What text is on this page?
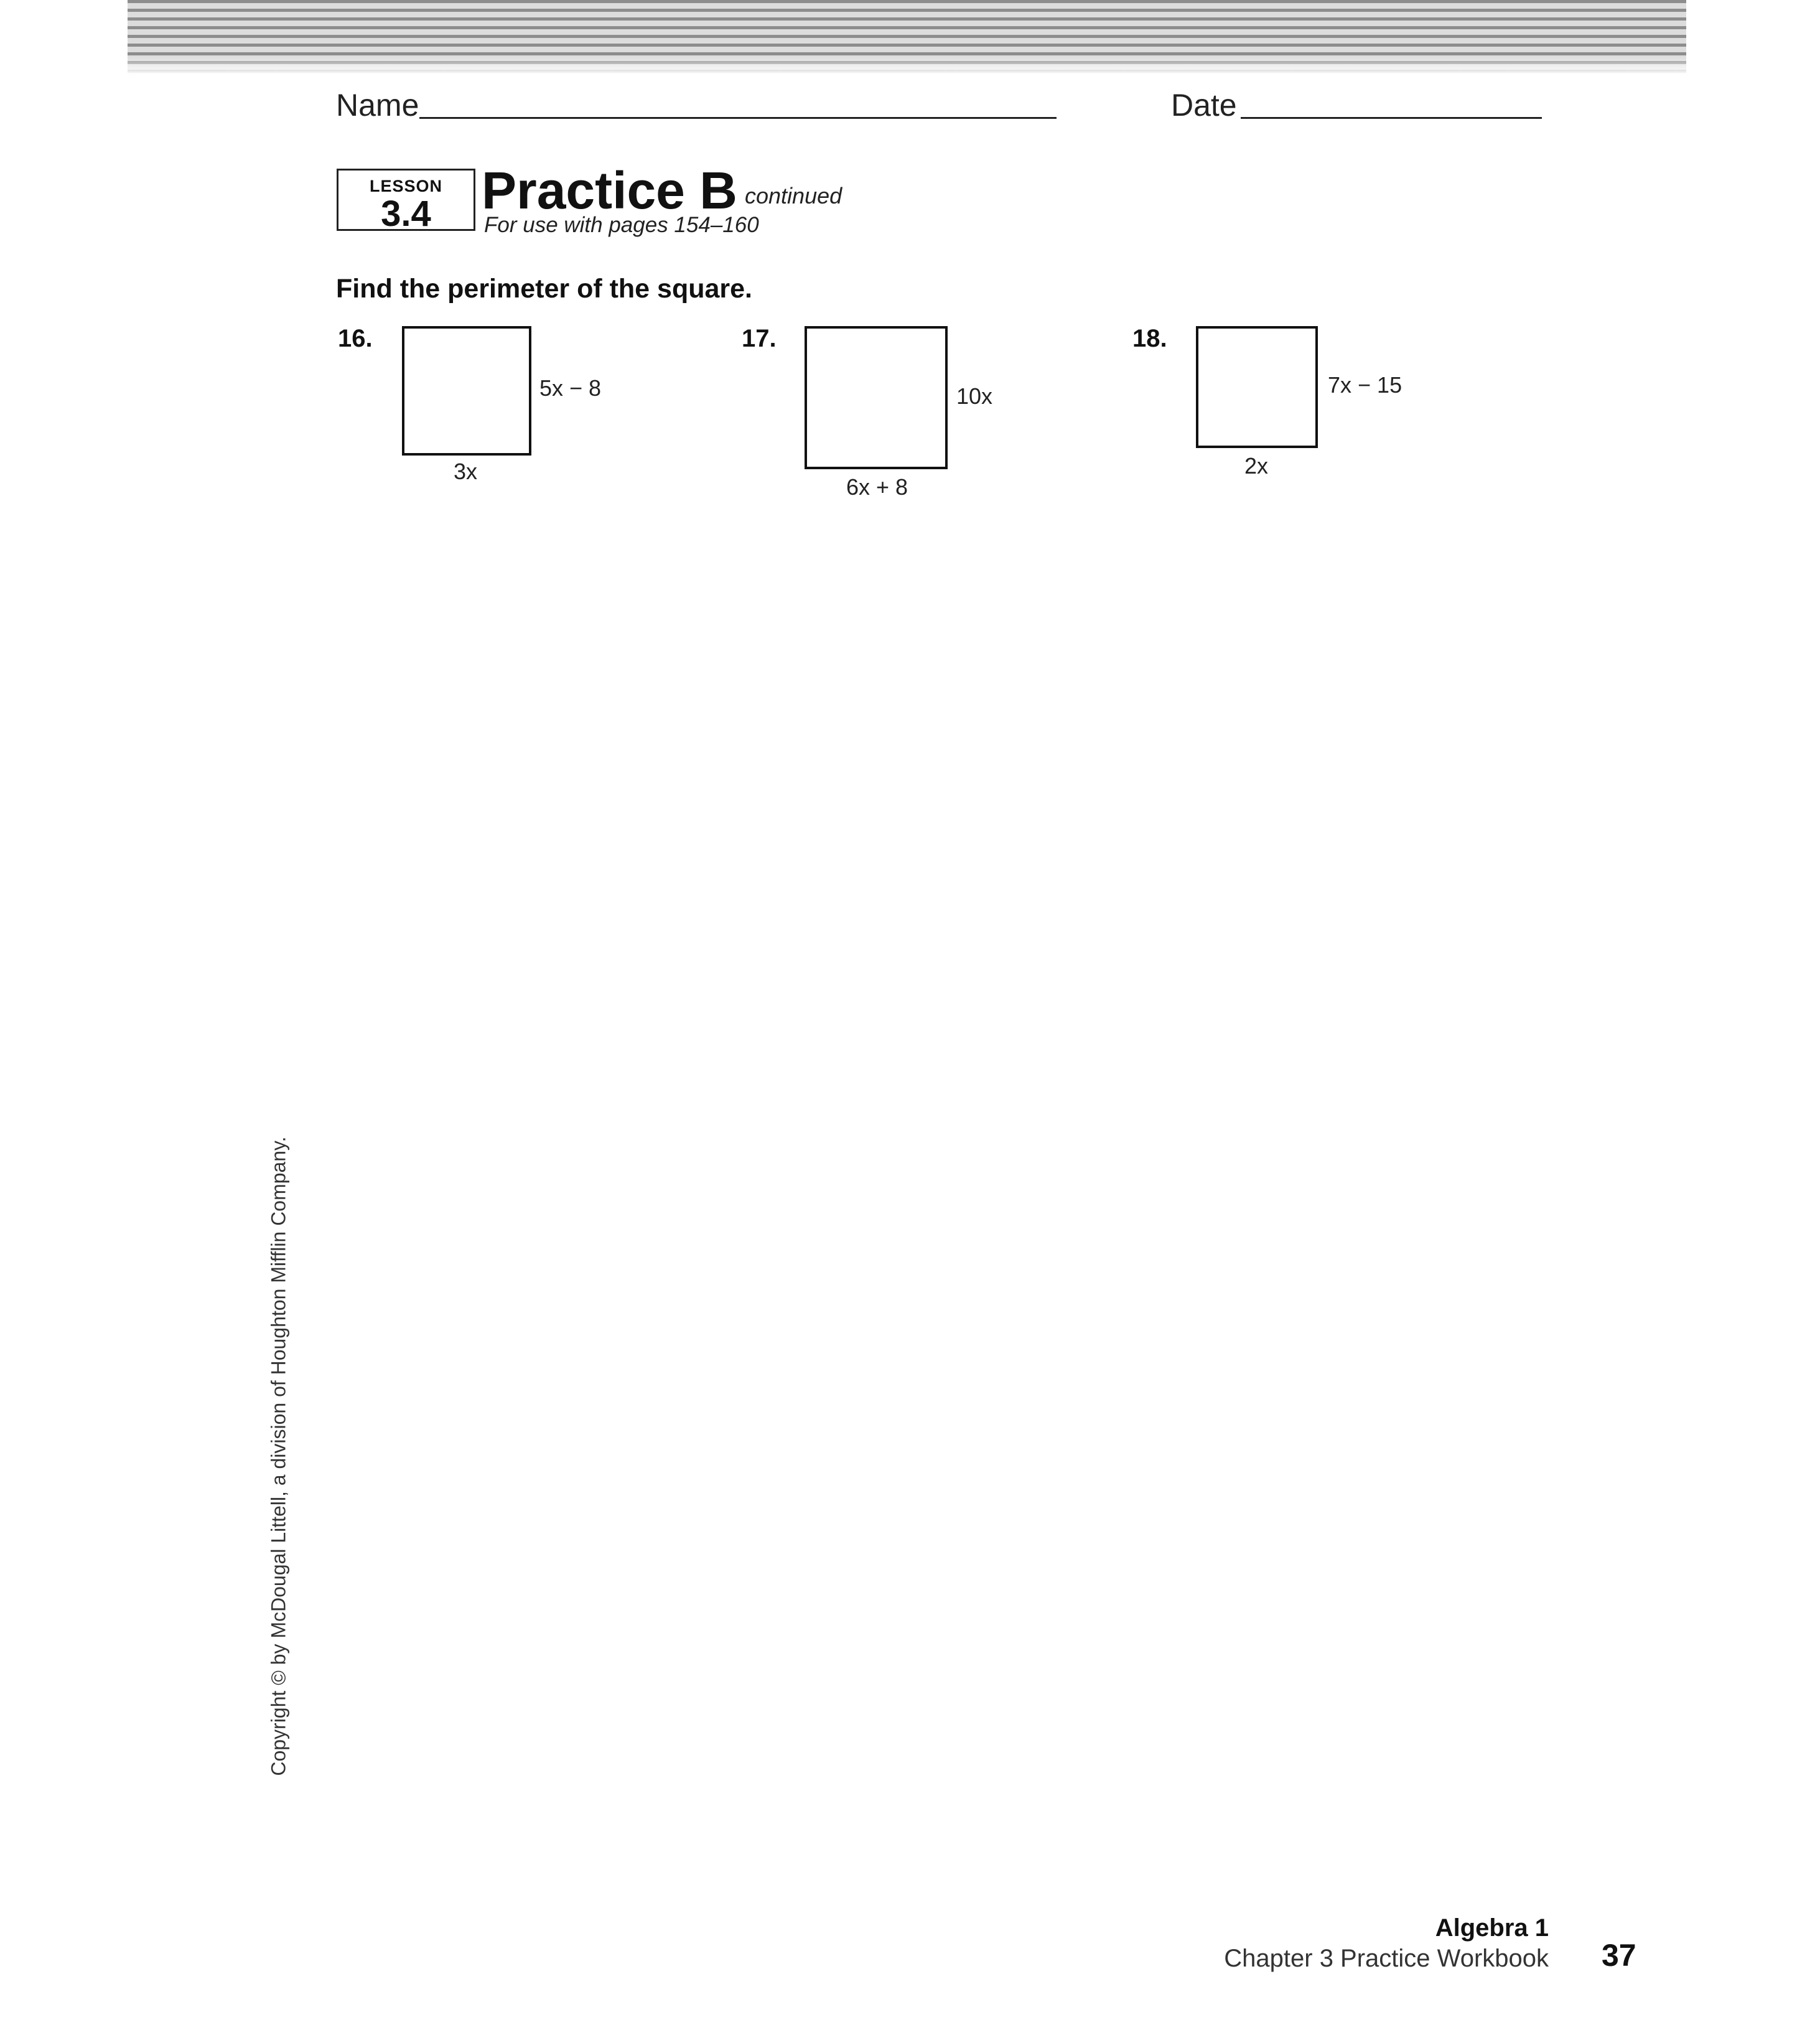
Name	Date
LESSON
3.4 Practice B continued
For use with pages 154–160
Find the perimeter of the square.
16.
5x − 8
3x
17.
10x
6x + 8
18.
7x − 15
2x
Copyright © by McDougal Littell, a division of Houghton Mifflin Company.
Algebra 1
Chapter 3 Practice Workbook 37
